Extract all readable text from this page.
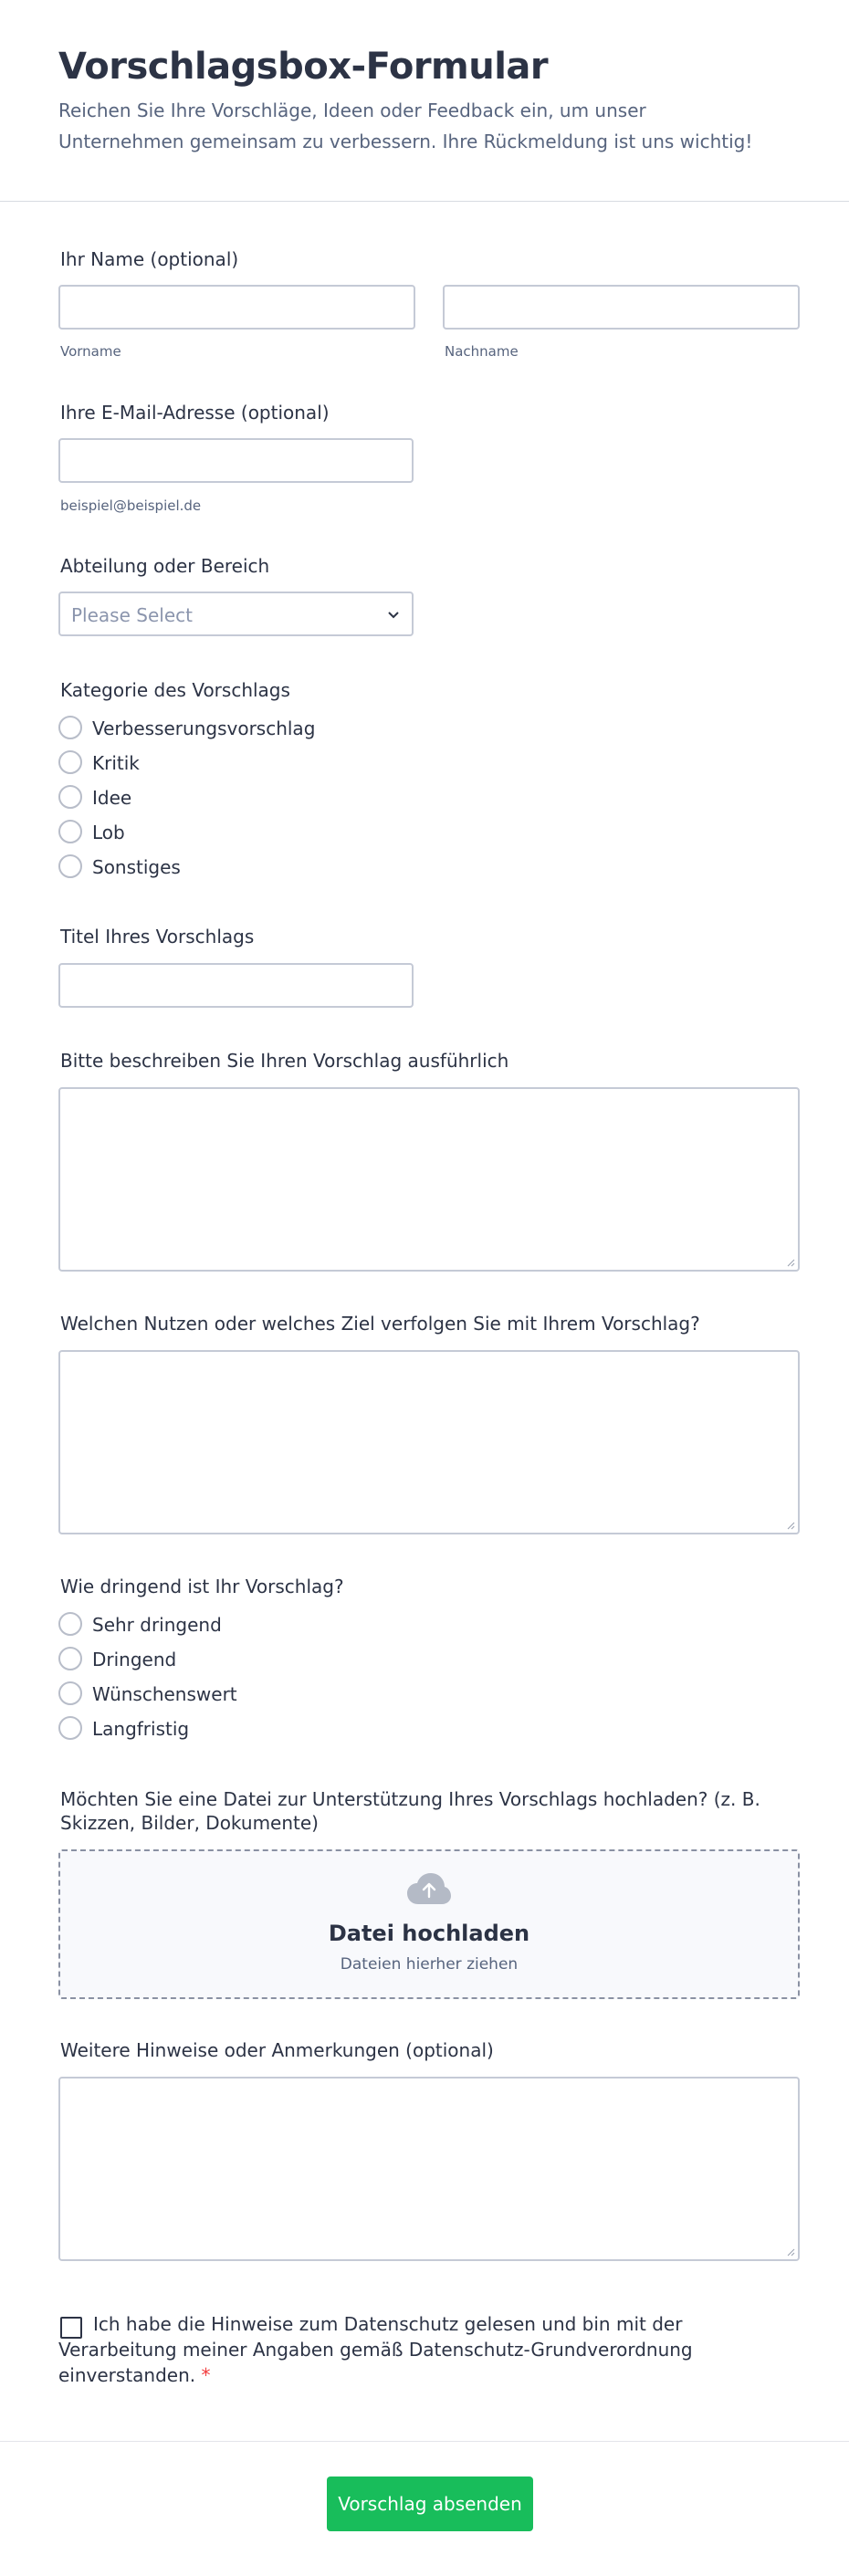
Vorschlagsbox-Formular

Reichen Sie Ihre Vorschläge, Ideen oder Feedback ein, um unser Unternehmen gemeinsam zu verbessern. Ihre Rückmeldung ist uns wichtig!

Ihr Name (optional)
Vorname	Nachname
Ihre E-Mail-Adresse (optional)
beispiel@beispiel.de
Abteilung oder Bereich
Please Select
Kategorie des Vorschlags
Verbesserungsvorschlag
Kritik
Idee
Lob
Sonstiges
Titel Ihres Vorschlags
Bitte beschreiben Sie Ihren Vorschlag ausführlich
Welchen Nutzen oder welches Ziel verfolgen Sie mit Ihrem Vorschlag?
Wie dringend ist Ihr Vorschlag?
Sehr dringend
Dringend
Wünschenswert
Langfristig
Möchten Sie eine Datei zur Unterstützung Ihres Vorschlags hochladen? (z. B. Skizzen, Bilder, Dokumente)
Datei hochladen
Dateien hierher ziehen
Weitere Hinweise oder Anmerkungen (optional)
Ich habe die Hinweise zum Datenschutz gelesen und bin mit der Verarbeitung meiner Angaben gemäß Datenschutz-Grundverordnung einverstanden. *
Vorschlag absenden
